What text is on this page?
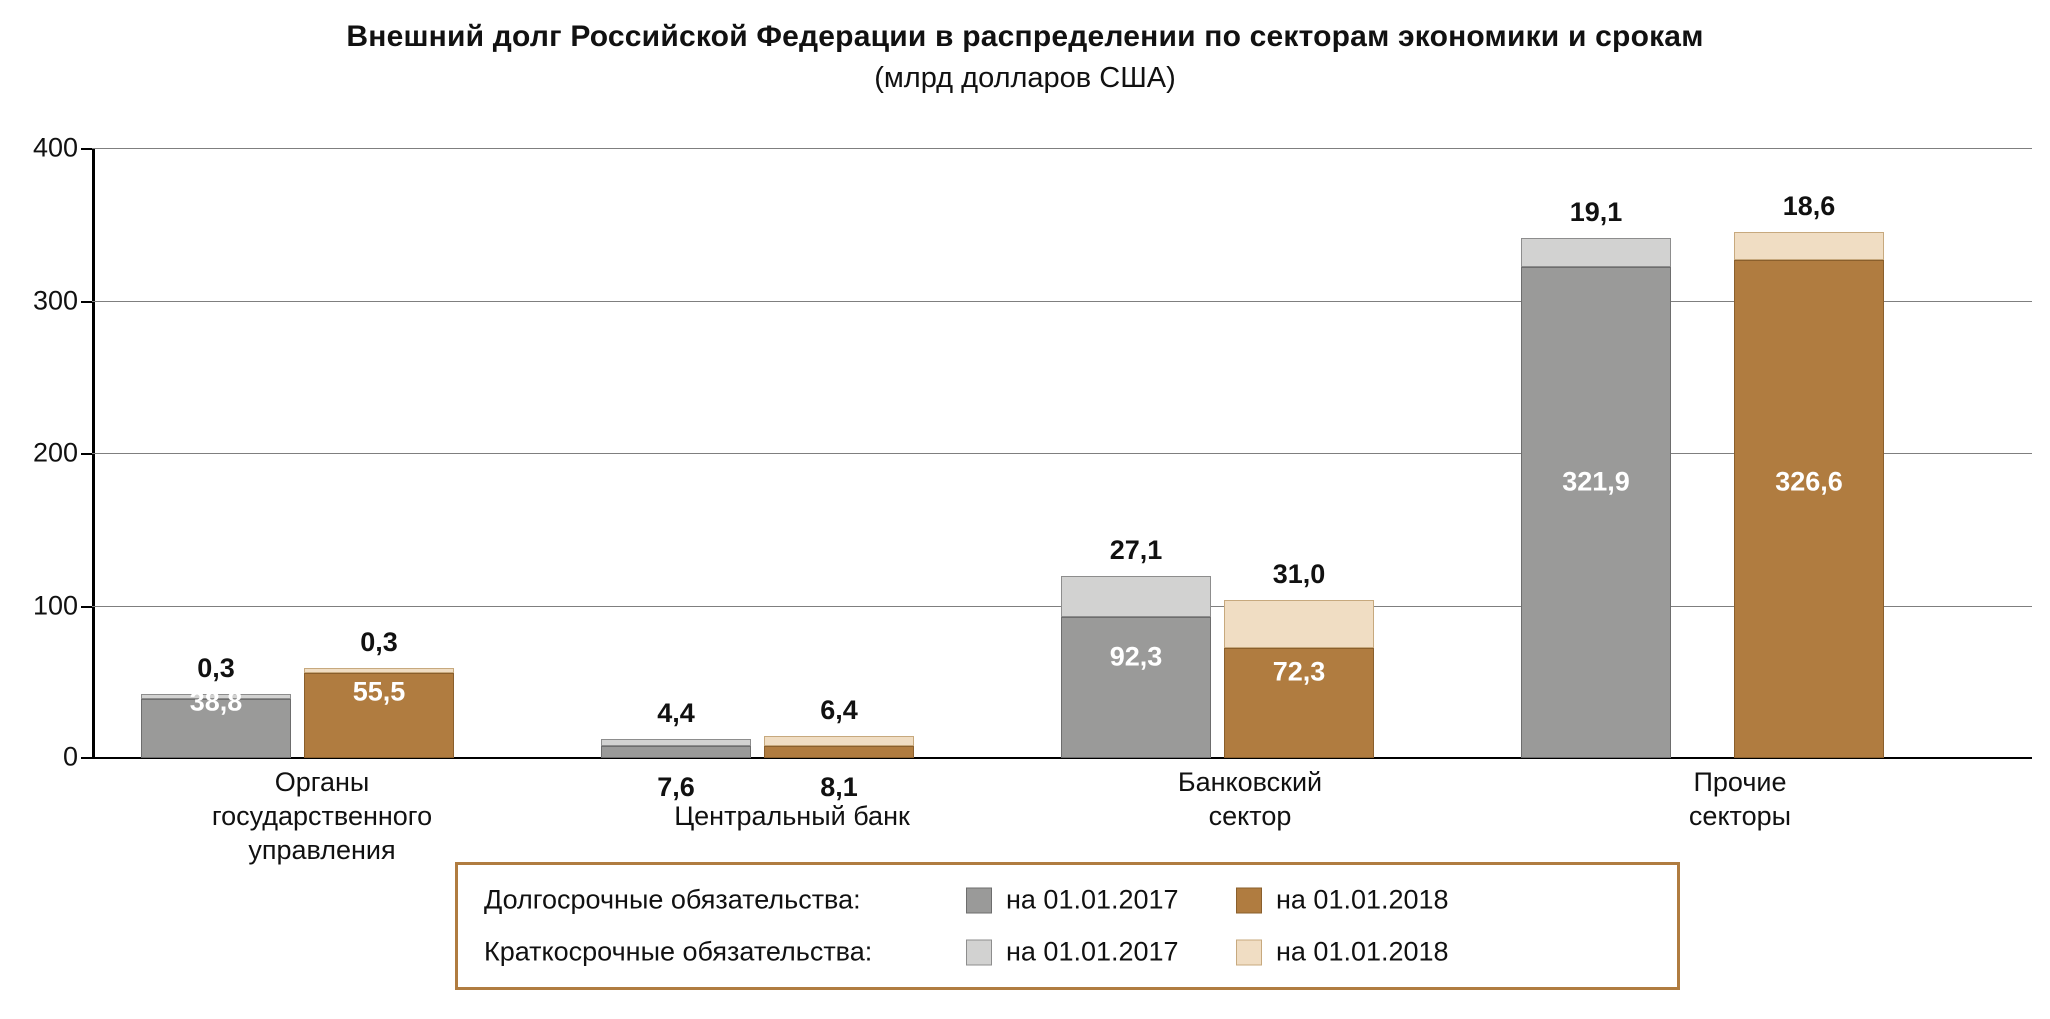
Внешний долг Российской Федерации в распределении по секторам экономики и срокам
(млрд долларов США)
400
300
200
100
0
38,8
0,3
55,5
0,3
4,4
7,6
6,4
8,1
92,3
27,1
72,3
31,0
321,9
19,1
326,6
18,6
Органы
государственного
управления
Центральный банк
Банковский
сектор
Прочие
секторы
Долгосрочные обязательства:	на 01.01.2017	на 01.01.2018
Краткосрочные обязательства:	на 01.01.2017	на 01.01.2018
